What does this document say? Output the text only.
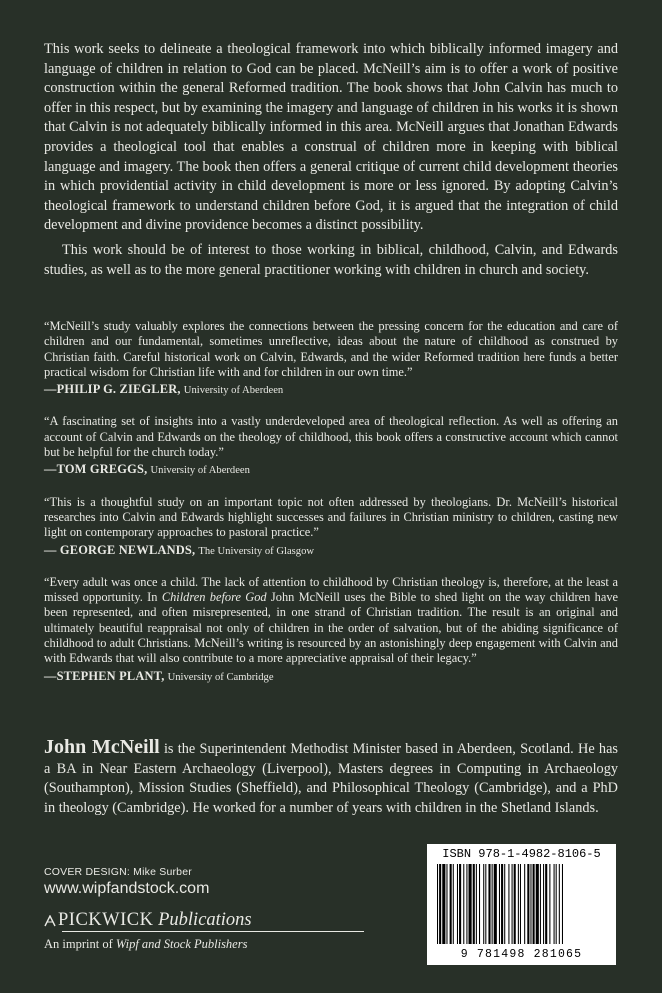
This work seeks to delineate a theological framework into which biblically informed imagery and language of children in relation to God can be placed. McNeill’s aim is to offer a work of positive construction within the general Reformed tradition. The book shows that John Calvin has much to offer in this respect, but by examining the imagery and language of children in his works it is shown that Calvin is not adequately biblically informed in this area. McNeill argues that Jonathan Edwards provides a theological tool that enables a construal of children more in keeping with biblical language and imagery. The book then offers a general critique of current child development theories in which providential activity in child development is more or less ignored. By adopting Calvin’s theological framework to understand children before God, it is argued that the integration of child development and divine providence becomes a distinct possibility.

This work should be of interest to those working in biblical, childhood, Calvin, and Edwards studies, as well as to the more general practitioner working with children in church and society.

“McNeill’s study valuably explores the connections between the pressing concern for the education and care of children and our fundamental, sometimes unreflective, ideas about the nature of childhood as construed by Christian faith. Careful historical work on Calvin, Edwards, and the wider Reformed tradition here funds a better practical wisdom for Christian life with and for children in our own time.”

—PHILIP G. ZIEGLER, University of Aberdeen

“A fascinating set of insights into a vastly underdeveloped area of theological reflection. As well as offering an account of Calvin and Edwards on the theology of childhood, this book offers a constructive account which cannot but be helpful for the church today.”

—TOM GREGGS, University of Aberdeen

“This is a thoughtful study on an important topic not often addressed by theologians. Dr. McNeill’s historical researches into Calvin and Edwards highlight successes and failures in Christian ministry to children, casting new light on contemporary approaches to pastoral practice.”

— GEORGE NEWLANDS, The University of Glasgow

“Every adult was once a child. The lack of attention to childhood by Christian theology is, therefore, at the least a missed opportunity. In Children before God John McNeill uses the Bible to shed light on the way children have been represented, and often misrepresented, in one strand of Christian tradition. The result is an original and ultimately beautiful reappraisal not only of children in the order of salvation, but of the abiding significance of childhood to adult Christians. McNeill’s writing is resourced by an astonishingly deep engagement with Calvin and with Edwards that will also contribute to a more appreciative appraisal of their legacy.”

—STEPHEN PLANT, University of Cambridge

John McNeill is the Superintendent Methodist Minister based in Aberdeen, Scotland. He has a BA in Near Eastern Archaeology (Liverpool), Masters degrees in Computing in Archaeology (Southampton), Mission Studies (Sheffield), and Philosophical Theology (Cambridge), and a PhD in theology (Cambridge). He worked for a number of years with children in the Shetland Islands.
COVER DESIGN: Mike Surber
www.wipfandstock.com
PICKWICK Publications
An imprint of Wipf and Stock Publishers
ISBN 978-1-4982-8106-5
9 781498 281065
